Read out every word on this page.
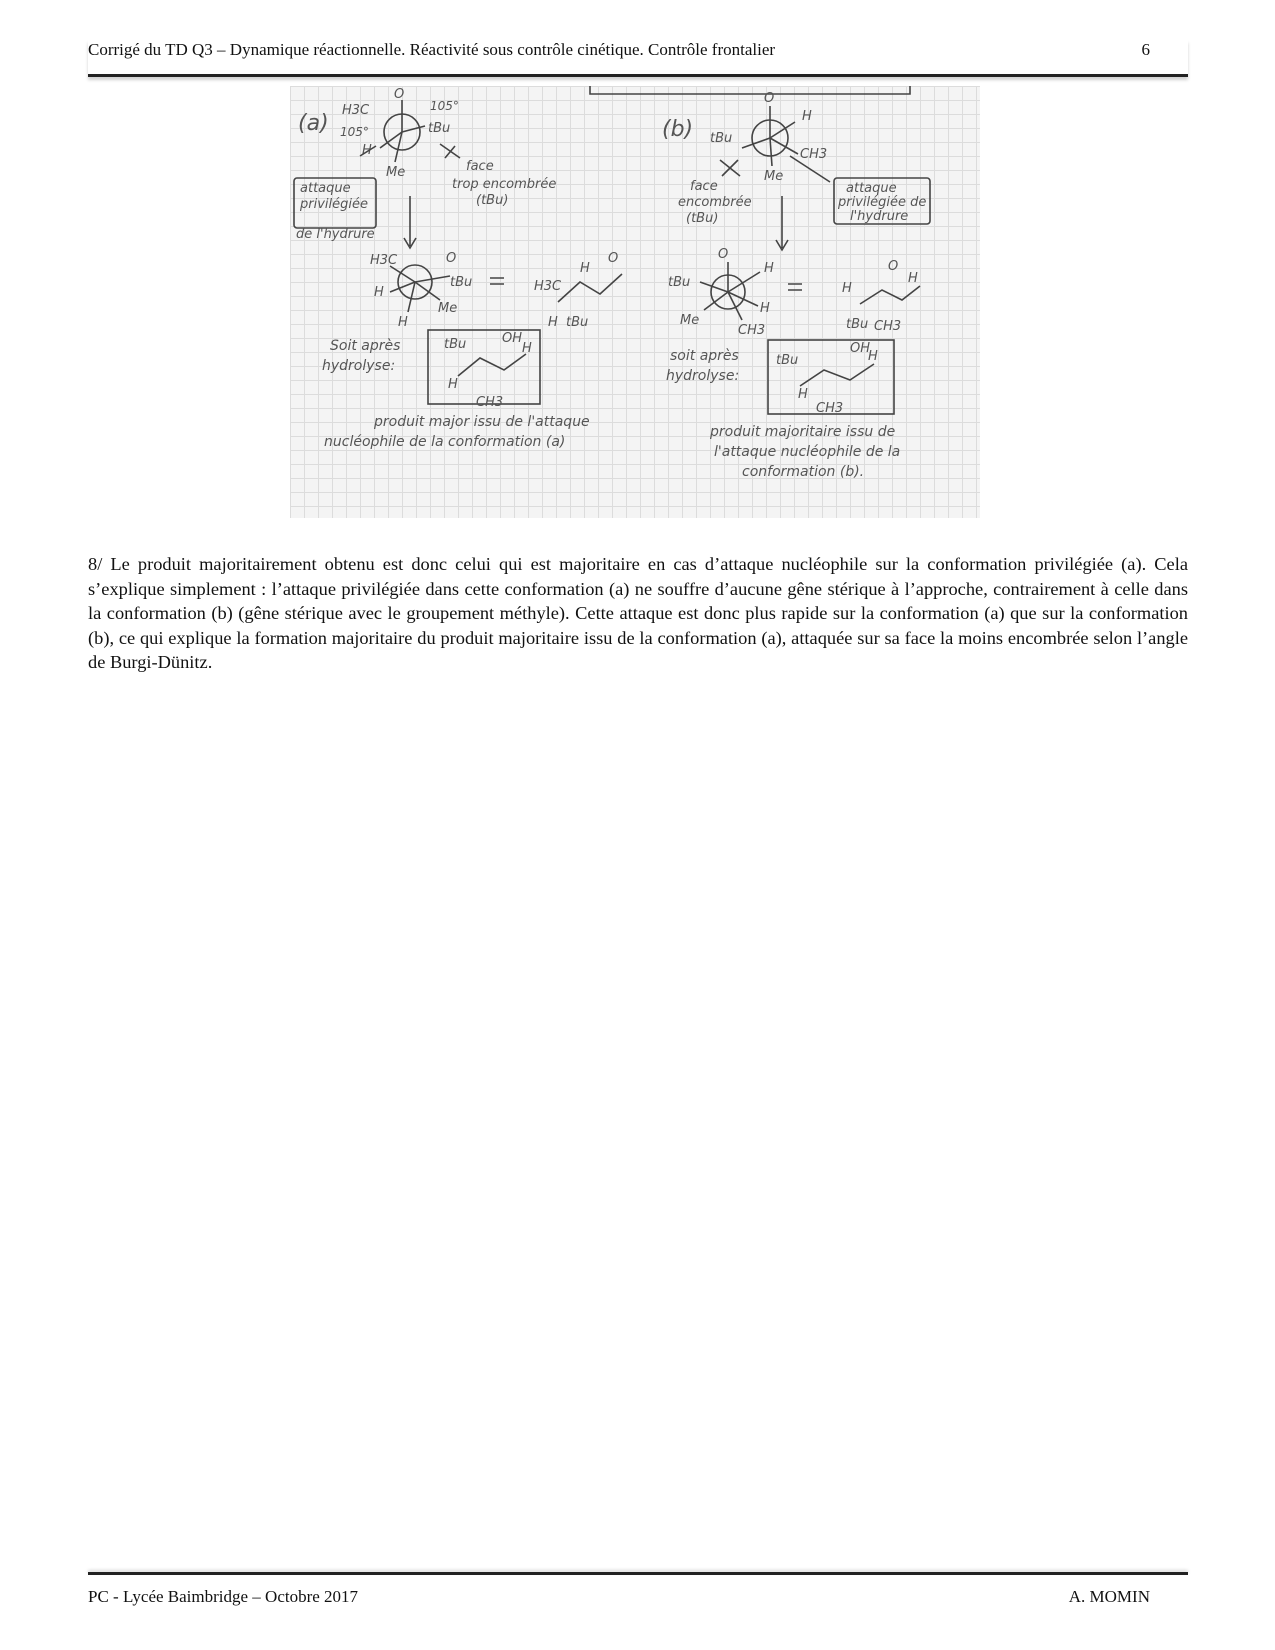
Corrigé du TD Q3 – Dynamique réactionnelle. Réactivité sous contrôle cinétique. Contrôle frontalier	6
(a)
O
H3C	105°
105°	tBu
H
Me
attaque
privilégiée
de l'hydrure
face
trop encombrée
(tBu)
H3C	O
tBu
H
Me
H
H3C
H
H tBu
O
Soit après
hydrolyse:
tBu	OH
H
H
CH3
produit major issu de l'attaque
nucléophile de la conformation (a)
(b)
O
H
tBu
CH3
Me
face
encombrée
(tBu)
attaque
privilégiée de
l'hydrure
O
H
tBu
H
Me
CH3
H
O
H
tBu CH3
soit après
hydrolyse:
tBu
OH
H
H
CH3
produit majoritaire issu de
l'attaque nucléophile de la
conformation (b).

8/ Le produit majoritairement obtenu est donc celui qui est majoritaire en cas d’attaque nucléophile sur la conformation privilégiée (a). Cela s’explique simplement : l’attaque privilégiée dans cette conformation (a) ne souffre d’aucune gêne stérique à l’approche, contrairement à celle dans la conformation (b) (gêne stérique avec le groupement méthyle). Cette attaque est donc plus rapide sur la conformation (a) que sur la conformation (b), ce qui explique la formation majoritaire du produit majoritaire issu de la conformation (a), attaquée sur sa face la moins encombrée selon l’angle de Burgi-Dünitz.

PC - Lycée Baimbridge – Octobre 2017	A. MOMIN
